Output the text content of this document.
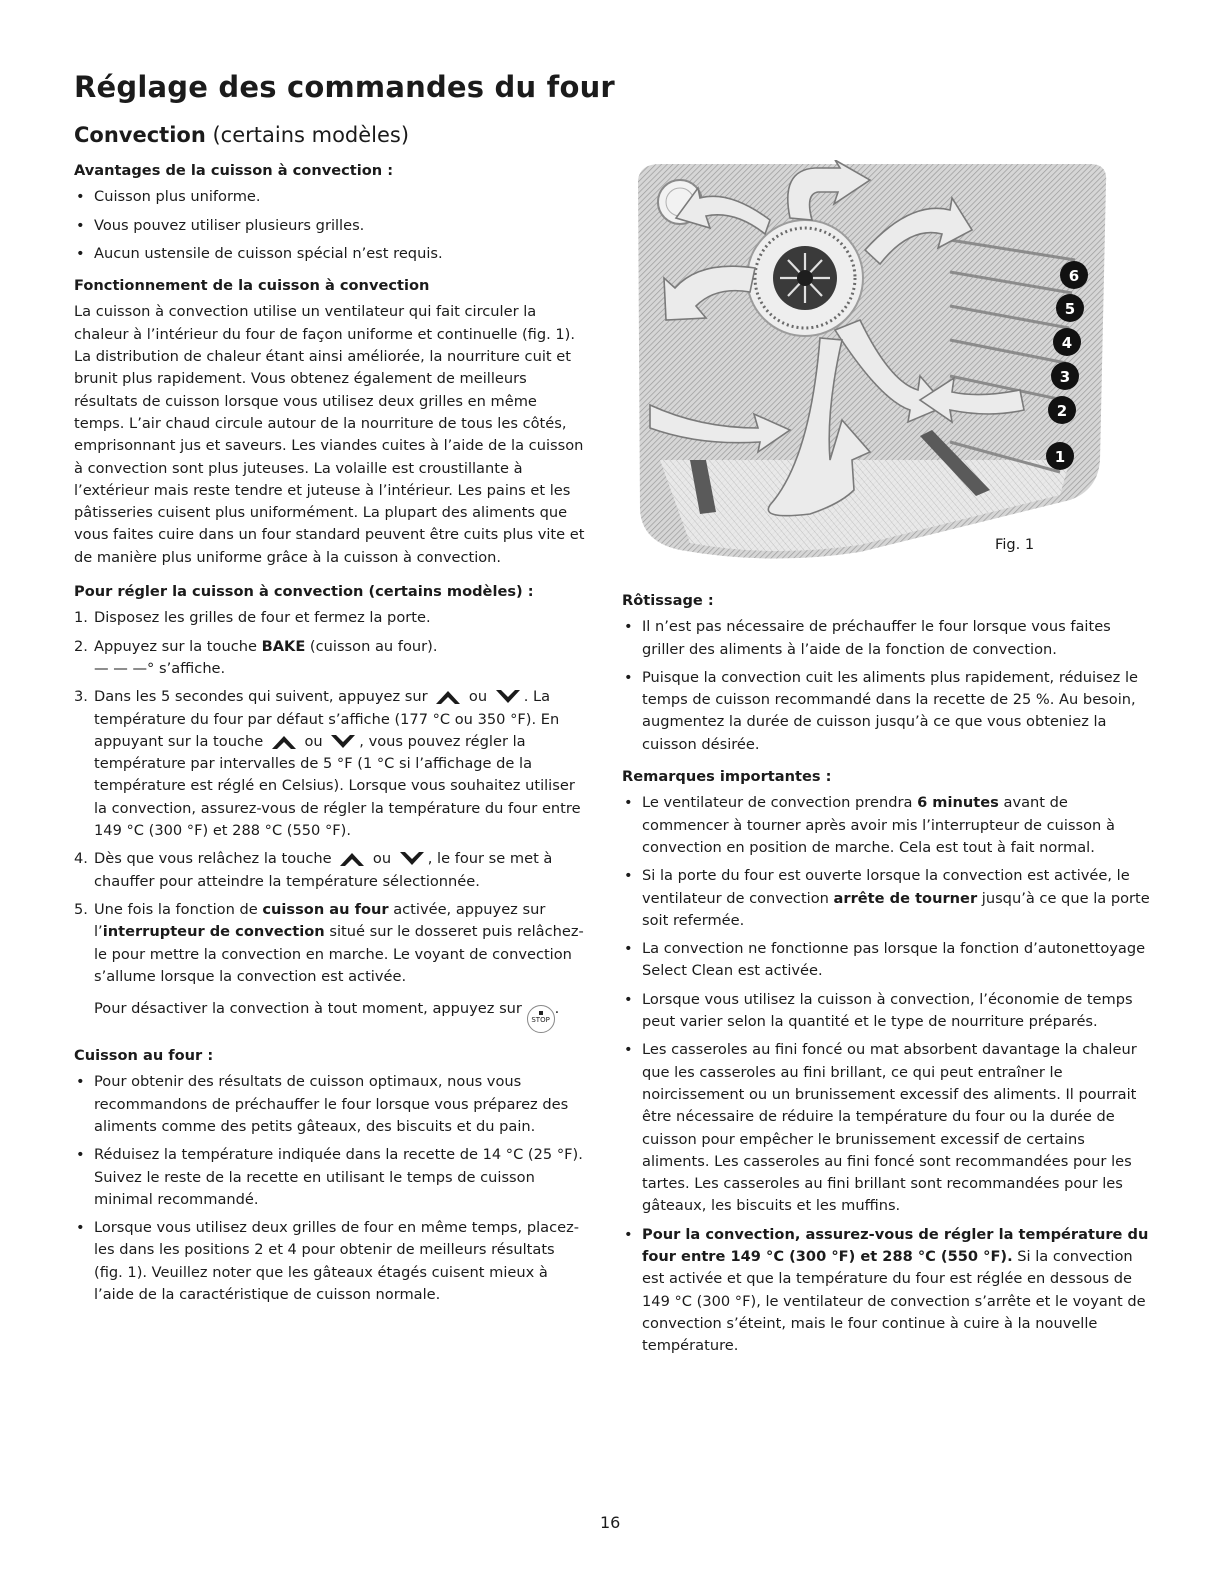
Réglage des commandes du four
Convection (certains modèles)
Avantages de la cuisson à convection :
• Cuisson plus uniforme.
• Vous pouvez utiliser plusieurs grilles.
• Aucun ustensile de cuisson spécial n’est requis.
Fonctionnement de la cuisson à convection
La cuisson à convection utilise un ventilateur qui fait circuler la chaleur à l’intérieur du four de façon uniforme et continuelle (fig. 1). La distribution de chaleur étant ainsi améliorée, la nourriture cuit et brunit plus rapidement. Vous obtenez également de meilleurs résultats de cuisson lorsque vous utilisez deux grilles en même temps. L’air chaud circule autour de la nourriture de tous les côtés, emprisonnant jus et saveurs. Les viandes cuites à l’aide de la cuisson à convection sont plus juteuses. La volaille est croustillante à l’extérieur mais reste tendre et juteuse à l’intérieur. Les pains et les pâtisseries cuisent plus uniformément. La plupart des aliments que vous faites cuire dans un four standard peuvent être cuits plus vite et de manière plus uniforme grâce à la cuisson à convection.
Pour régler la cuisson à convection (certains modèles) :
1. Disposez les grilles de four et fermez la porte.
2. Appuyez sur la touche BAKE (cuisson au four).
— — —° s’affiche.
3. Dans les 5 secondes qui suivent, appuyez sur  ou . La température du four par défaut s’affiche (177 °C ou 350 °F). En appuyant sur la touche  ou , vous pouvez régler la température par intervalles de 5 °F (1 °C si l’affichage de la température est réglé en Celsius). Lorsque vous souhaitez utiliser la convection, assurez-vous de régler la température du four entre 149 °C (300 °F) et 288 °C (550 °F).
4. Dès que vous relâchez la touche  ou , le four se met à chauffer pour atteindre la température sélectionnée.
5. Une fois la fonction de cuisson au four activée, appuyez sur l’interrupteur de convection situé sur le dosseret puis relâchez-le pour mettre la convection en marche. Le voyant de convection s’allume lorsque la convection est activée.
Pour désactiver la convection à tout moment, appuyez sur
STOP.
Cuisson au four :
• Pour obtenir des résultats de cuisson optimaux, nous vous recommandons de préchauffer le four lorsque vous préparez des aliments comme des petits gâteaux, des biscuits et du pain.
• Réduisez la température indiquée dans la recette de 14 °C (25 °F). Suivez le reste de la recette en utilisant le temps de cuisson minimal recommandé.
• Lorsque vous utilisez deux grilles de four en même temps, placez-les dans les positions 2 et 4 pour obtenir de meilleurs résultats (fig. 1). Veuillez noter que les gâteaux étagés cuisent mieux à l’aide de la caractéristique de cuisson normale.
6
5
4
3
2
1
Fig. 1
Rôtissage :
• Il n’est pas nécessaire de préchauffer le four lorsque vous faites griller des aliments à l’aide de la fonction de convection.
• Puisque la convection cuit les aliments plus rapidement, réduisez le temps de cuisson recommandé dans la recette de 25 %. Au besoin, augmentez la durée de cuisson jusqu’à ce que vous obteniez la cuisson désirée.
Remarques importantes :
• Le ventilateur de convection prendra 6 minutes avant de commencer à tourner après avoir mis l’interrupteur de cuisson à convection en position de marche. Cela est tout à fait normal.
• Si la porte du four est ouverte lorsque la convection est activée, le ventilateur de convection arrête de tourner jusqu’à ce que la porte soit refermée.
• La convection ne fonctionne pas lorsque la fonction d’autonettoyage Select Clean est activée.
• Lorsque vous utilisez la cuisson à convection, l’économie de temps peut varier selon la quantité et le type de nourriture préparés.
• Les casseroles au fini foncé ou mat absorbent davantage la chaleur que les casseroles au fini brillant, ce qui peut entraîner le noircissement ou un brunissement excessif des aliments. Il pourrait être nécessaire de réduire la température du four ou la durée de cuisson pour empêcher le brunissement excessif de certains aliments. Les casseroles au fini foncé sont recommandées pour les tartes. Les casseroles au fini brillant sont recommandées pour les gâteaux, les biscuits et les muffins.
• Pour la convection, assurez-vous de régler la température du four entre 149 °C (300 °F) et 288 °C (550 °F). Si la convection est activée et que la température du four est réglée en dessous de 149 °C (300 °F), le ventilateur de convection s’arrête et le voyant de convection s’éteint, mais le four continue à cuire à la nouvelle température.
16
